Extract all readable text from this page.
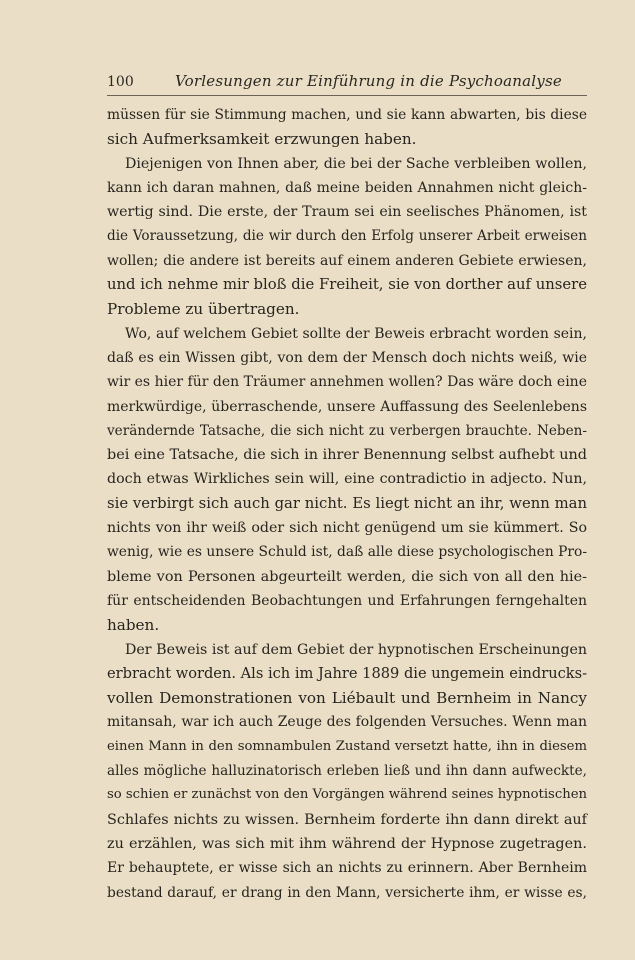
100	Vorlesungen zur Einführung in die Psychoanalyse
müssen für sie Stimmung machen, und sie kann abwarten, bis diese
sich Aufmerksamkeit erzwungen haben.
Diejenigen von Ihnen aber, die bei der Sache verbleiben wollen,
kann ich daran mahnen, daß meine beiden Annahmen nicht gleich-
wertig sind. Die erste, der Traum sei ein seelisches Phänomen, ist
die Voraussetzung, die wir durch den Erfolg unserer Arbeit erweisen
wollen; die andere ist bereits auf einem anderen Gebiete erwiesen,
und ich nehme mir bloß die Freiheit, sie von dorther auf unsere
Probleme zu übertragen.
Wo, auf welchem Gebiet sollte der Beweis erbracht worden sein,
daß es ein Wissen gibt, von dem der Mensch doch nichts weiß, wie
wir es hier für den Träumer annehmen wollen? Das wäre doch eine
merkwürdige, überraschende, unsere Auffassung des Seelenlebens
verändernde Tatsache, die sich nicht zu verbergen brauchte. Neben-
bei eine Tatsache, die sich in ihrer Benennung selbst aufhebt und
doch etwas Wirkliches sein will, eine contradictio in adjecto. Nun,
sie verbirgt sich auch gar nicht. Es liegt nicht an ihr, wenn man
nichts von ihr weiß oder sich nicht genügend um sie kümmert. So
wenig, wie es unsere Schuld ist, daß alle diese psychologischen Pro-
bleme von Personen abgeurteilt werden, die sich von all den hie-
für entscheidenden Beobachtungen und Erfahrungen ferngehalten
haben.
Der Beweis ist auf dem Gebiet der hypnotischen Erscheinungen
erbracht worden. Als ich im Jahre 1889 die ungemein eindrucks-
vollen Demonstrationen von Liébault und Bernheim in Nancy
mitansah, war ich auch Zeuge des folgenden Versuches. Wenn man
einen Mann in den somnambulen Zustand versetzt hatte, ihn in diesem
alles mögliche halluzinatorisch erleben ließ und ihn dann aufweckte,
so schien er zunächst von den Vorgängen während seines hypnotischen
Schlafes nichts zu wissen. Bernheim forderte ihn dann direkt auf
zu erzählen, was sich mit ihm während der Hypnose zugetragen.
Er behauptete, er wisse sich an nichts zu erinnern. Aber Bernheim
bestand darauf, er drang in den Mann, versicherte ihm, er wisse es,
